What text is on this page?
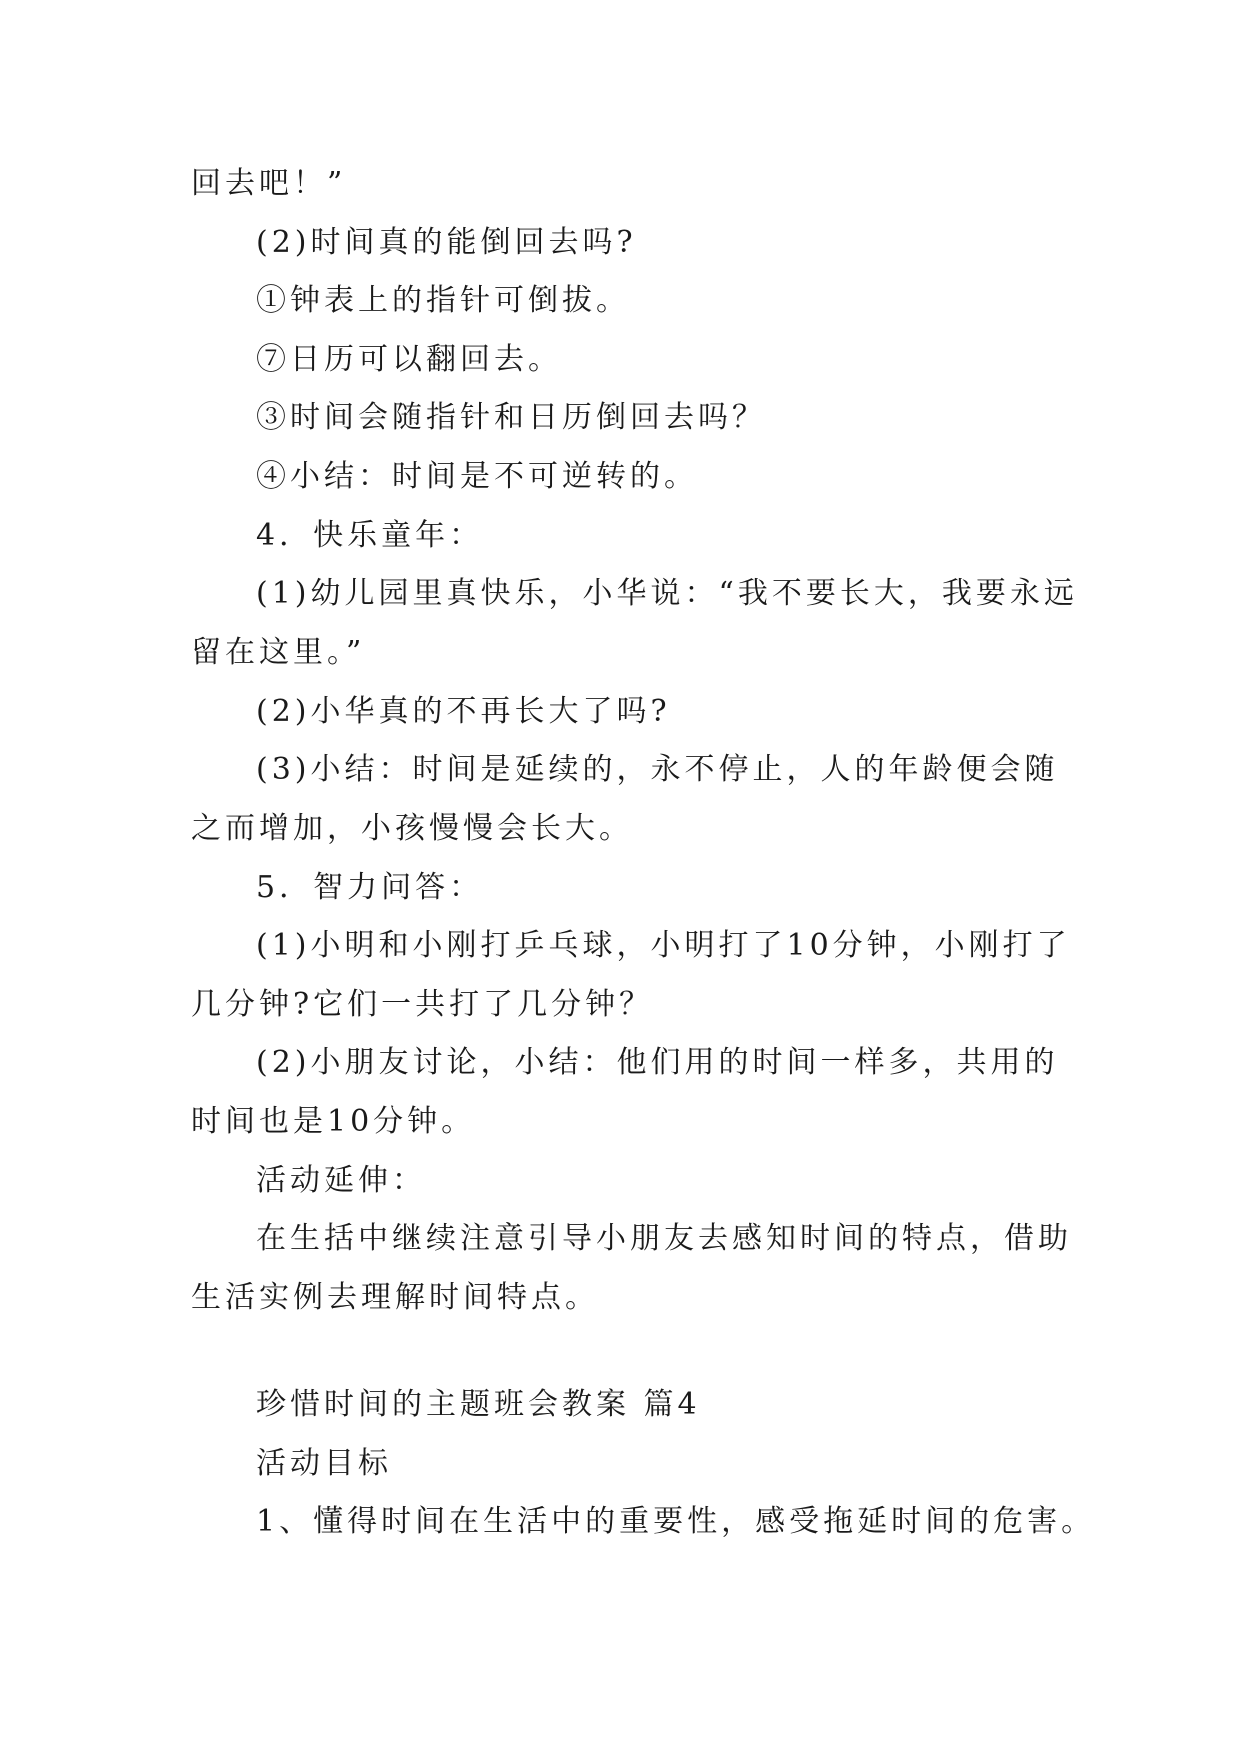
回去吧！”
(2)时间真的能倒回去吗?
①钟表上的指针可倒拔。
⑦日历可以翻回去。
③时间会随指针和日历倒回去吗？
④小结：时间是不可逆转的。
4．快乐童年：
(1)幼儿园里真快乐，小华说：“我不要长大，我要永远
留在这里。”
(2)小华真的不再长大了吗?
(3)小结：时间是延续的，永不停止，人的年龄便会随
之而增加，小孩慢慢会长大。
5．智力问答：
(1)小明和小刚打乒乓球，小明打了10分钟，小刚打了
几分钟?它们一共打了几分钟？
(2)小朋友讨论，小结：他们用的时间一样多，共用的
时间也是10分钟。
活动延伸：
在生括中继续注意引导小朋友去感知时间的特点，借助
生活实例去理解时间特点。
珍惜时间的主题班会教案 篇4
活动目标
1、懂得时间在生活中的重要性，感受拖延时间的危害。
